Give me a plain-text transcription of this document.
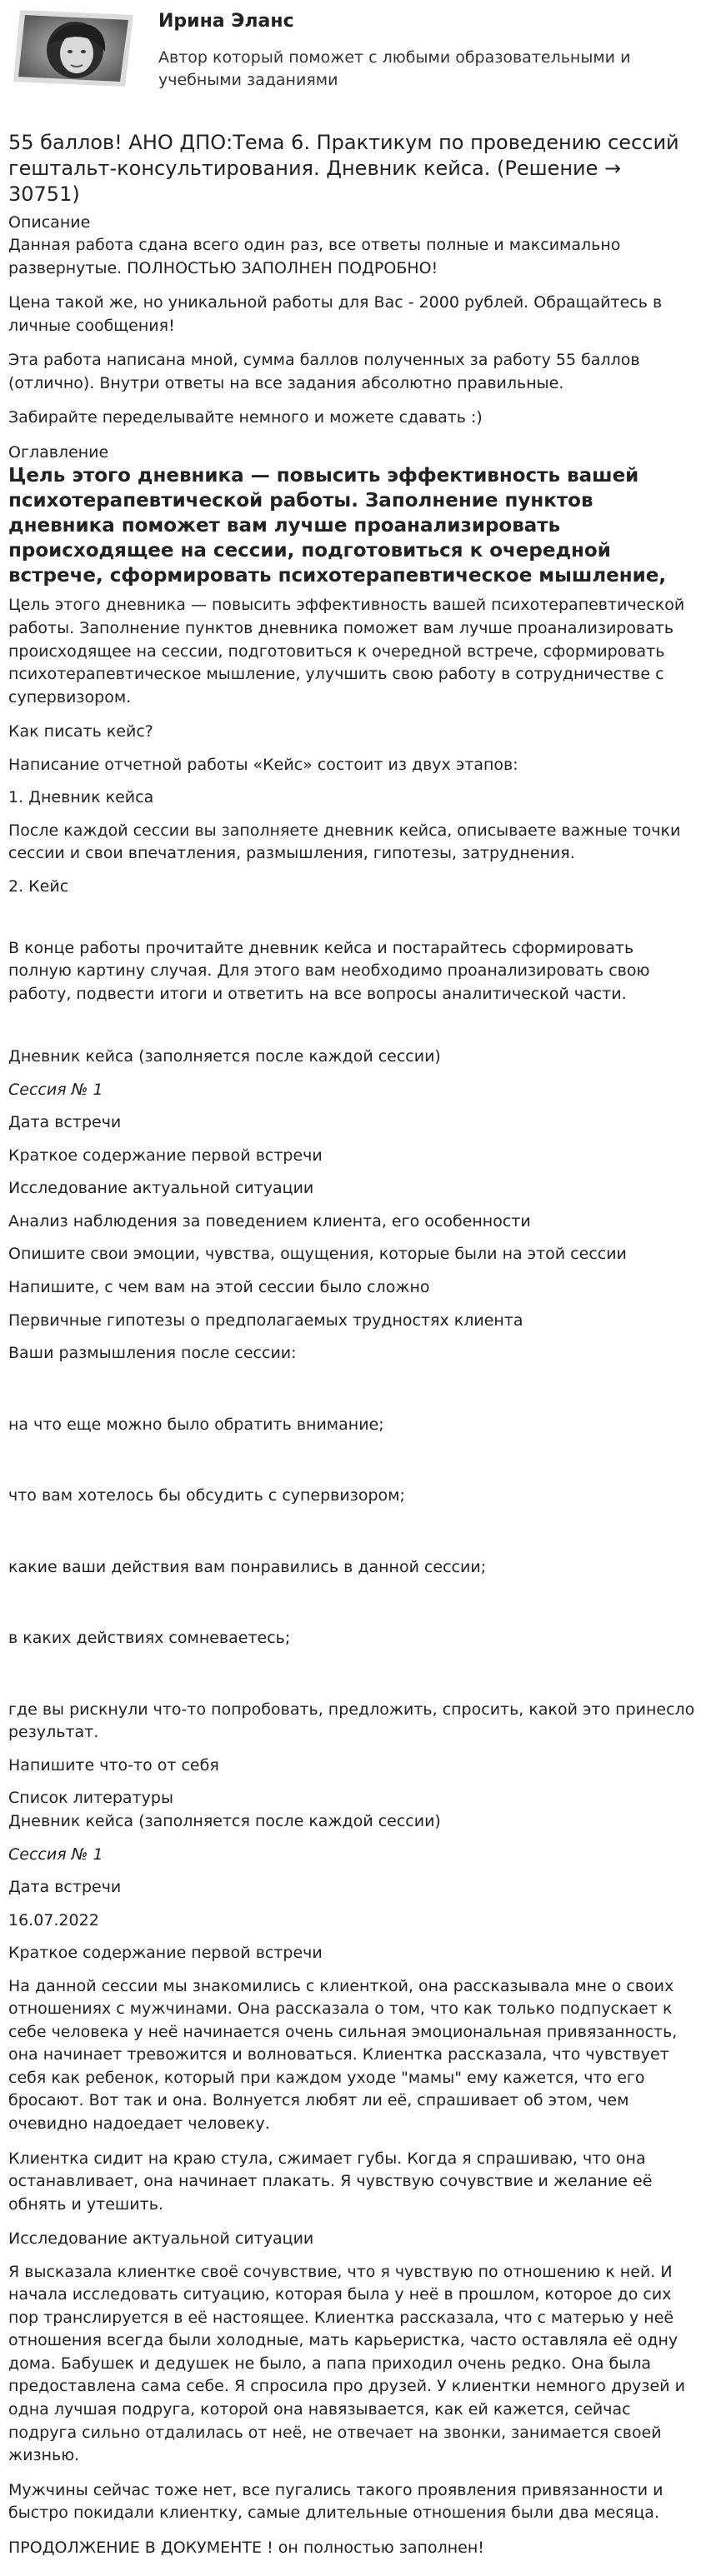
Ирина Эланс
Автор который поможет с любыми образовательными и учебными заданиями
55 баллов! АНО ДПО:Тема 6. Практикум по проведению сессий гештальт-консультирования. Дневник кейса. (Решение → 30751)

Описание

Данная работа сдана всего один раз, все ответы полные и максимально развернутые. ПОЛНОСТЬЮ ЗАПОЛНЕН ПОДРОБНО!

Цена такой же, но уникальной работы для Вас - 2000 рублей. Обращайтесь в личные сообщения!

Эта работа написана мной, сумма баллов полученных за работу 55 баллов (отлично). Внутри ответы на все задания абсолютно правильные.

Забирайте переделывайте немного и можете сдавать :)

Оглавление

Цель этого дневника — повысить эффективность вашей психотерапевтической работы. Заполнение пунктов дневника поможет вам лучше проанализировать происходящее на сессии, подготовиться к очередной встрече, сформировать психотерапевтическое мышление,

Цель этого дневника — повысить эффективность вашей психотерапевтической работы. Заполнение пунктов дневника поможет вам лучше проанализировать происходящее на сессии, подготовиться к очередной встрече, сформировать психотерапевтическое мышление, улучшить свою работу в сотрудничестве с супервизором.

Как писать кейс?

Написание отчетной работы «Кейс» состоит из двух этапов:

1. Дневник кейса

После каждой сессии вы заполняете дневник кейса, описываете важные точки сессии и свои впечатления, размышления, гипотезы, затруднения.

2. Кейс

В конце работы прочитайте дневник кейса и постарайтесь сформировать полную картину случая. Для этого вам необходимо проанализировать свою работу, подвести итоги и ответить на все вопросы аналитической части.

Дневник кейса (заполняется после каждой сессии)

Сессия № 1

Дата встречи

Краткое содержание первой встречи

Исследование актуальной ситуации

Анализ наблюдения за поведением клиента, его особенности

Опишите свои эмоции, чувства, ощущения, которые были на этой сессии

Напишите, с чем вам на этой сессии было сложно

Первичные гипотезы о предполагаемых трудностях клиента

Ваши размышления после сессии:

на что еще можно было обратить внимание;

что вам хотелось бы обсудить с супервизором;

какие ваши действия вам понравились в данной сессии;

в каких действиях сомневаетесь;

где вы рискнули что-то попробовать, предложить, спросить, какой это принесло результат.

Напишите что-то от себя

Список литературы

Дневник кейса (заполняется после каждой сессии)

Сессия № 1

Дата встречи

16.07.2022

Краткое содержание первой встречи

На данной сессии мы знакомились с клиенткой, она рассказывала мне о своих отношениях с мужчинами. Она рассказала о том, что как только подпускает к себе человека у неё начинается очень сильная эмоциональная привязанность, она начинает тревожится и волноваться. Клиентка рассказала, что чувствует себя как ребенок, который при каждом уходе "мамы" ему кажется, что его бросают. Вот так и она. Волнуется любят ли её, спрашивает об этом, чем очевидно надоедает человеку.

Клиентка сидит на краю стула, сжимает губы. Когда я спрашиваю, что она останавливает, она начинает плакать. Я чувствую сочувствие и желание её обнять и утешить.

Исследование актуальной ситуации

Я высказала клиентке своё сочувствие, что я чувствую по отношению к ней. И начала исследовать ситуацию, которая была у неё в прошлом, которое до сих пор транслируется в её настоящее. Клиентка рассказала, что с матерью у неё отношения всегда были холодные, мать карьеристка, часто оставляла её одну дома. Бабушек и дедушек не было, а папа приходил очень редко. Она была предоставлена сама себе. Я спросила про друзей. У клиентки немного друзей и одна лучшая подруга, которой она навязывается, как ей кажется, сейчас подруга сильно отдалилась от неё, не отвечает на звонки, занимается своей жизнью.

Мужчины сейчас тоже нет, все пугались такого проявления привязанности и быстро покидали клиентку, самые длительные отношения были два месяца.

ПРОДОЛЖЕНИЕ В ДОКУМЕНТЕ ! он полностью заполнен!
